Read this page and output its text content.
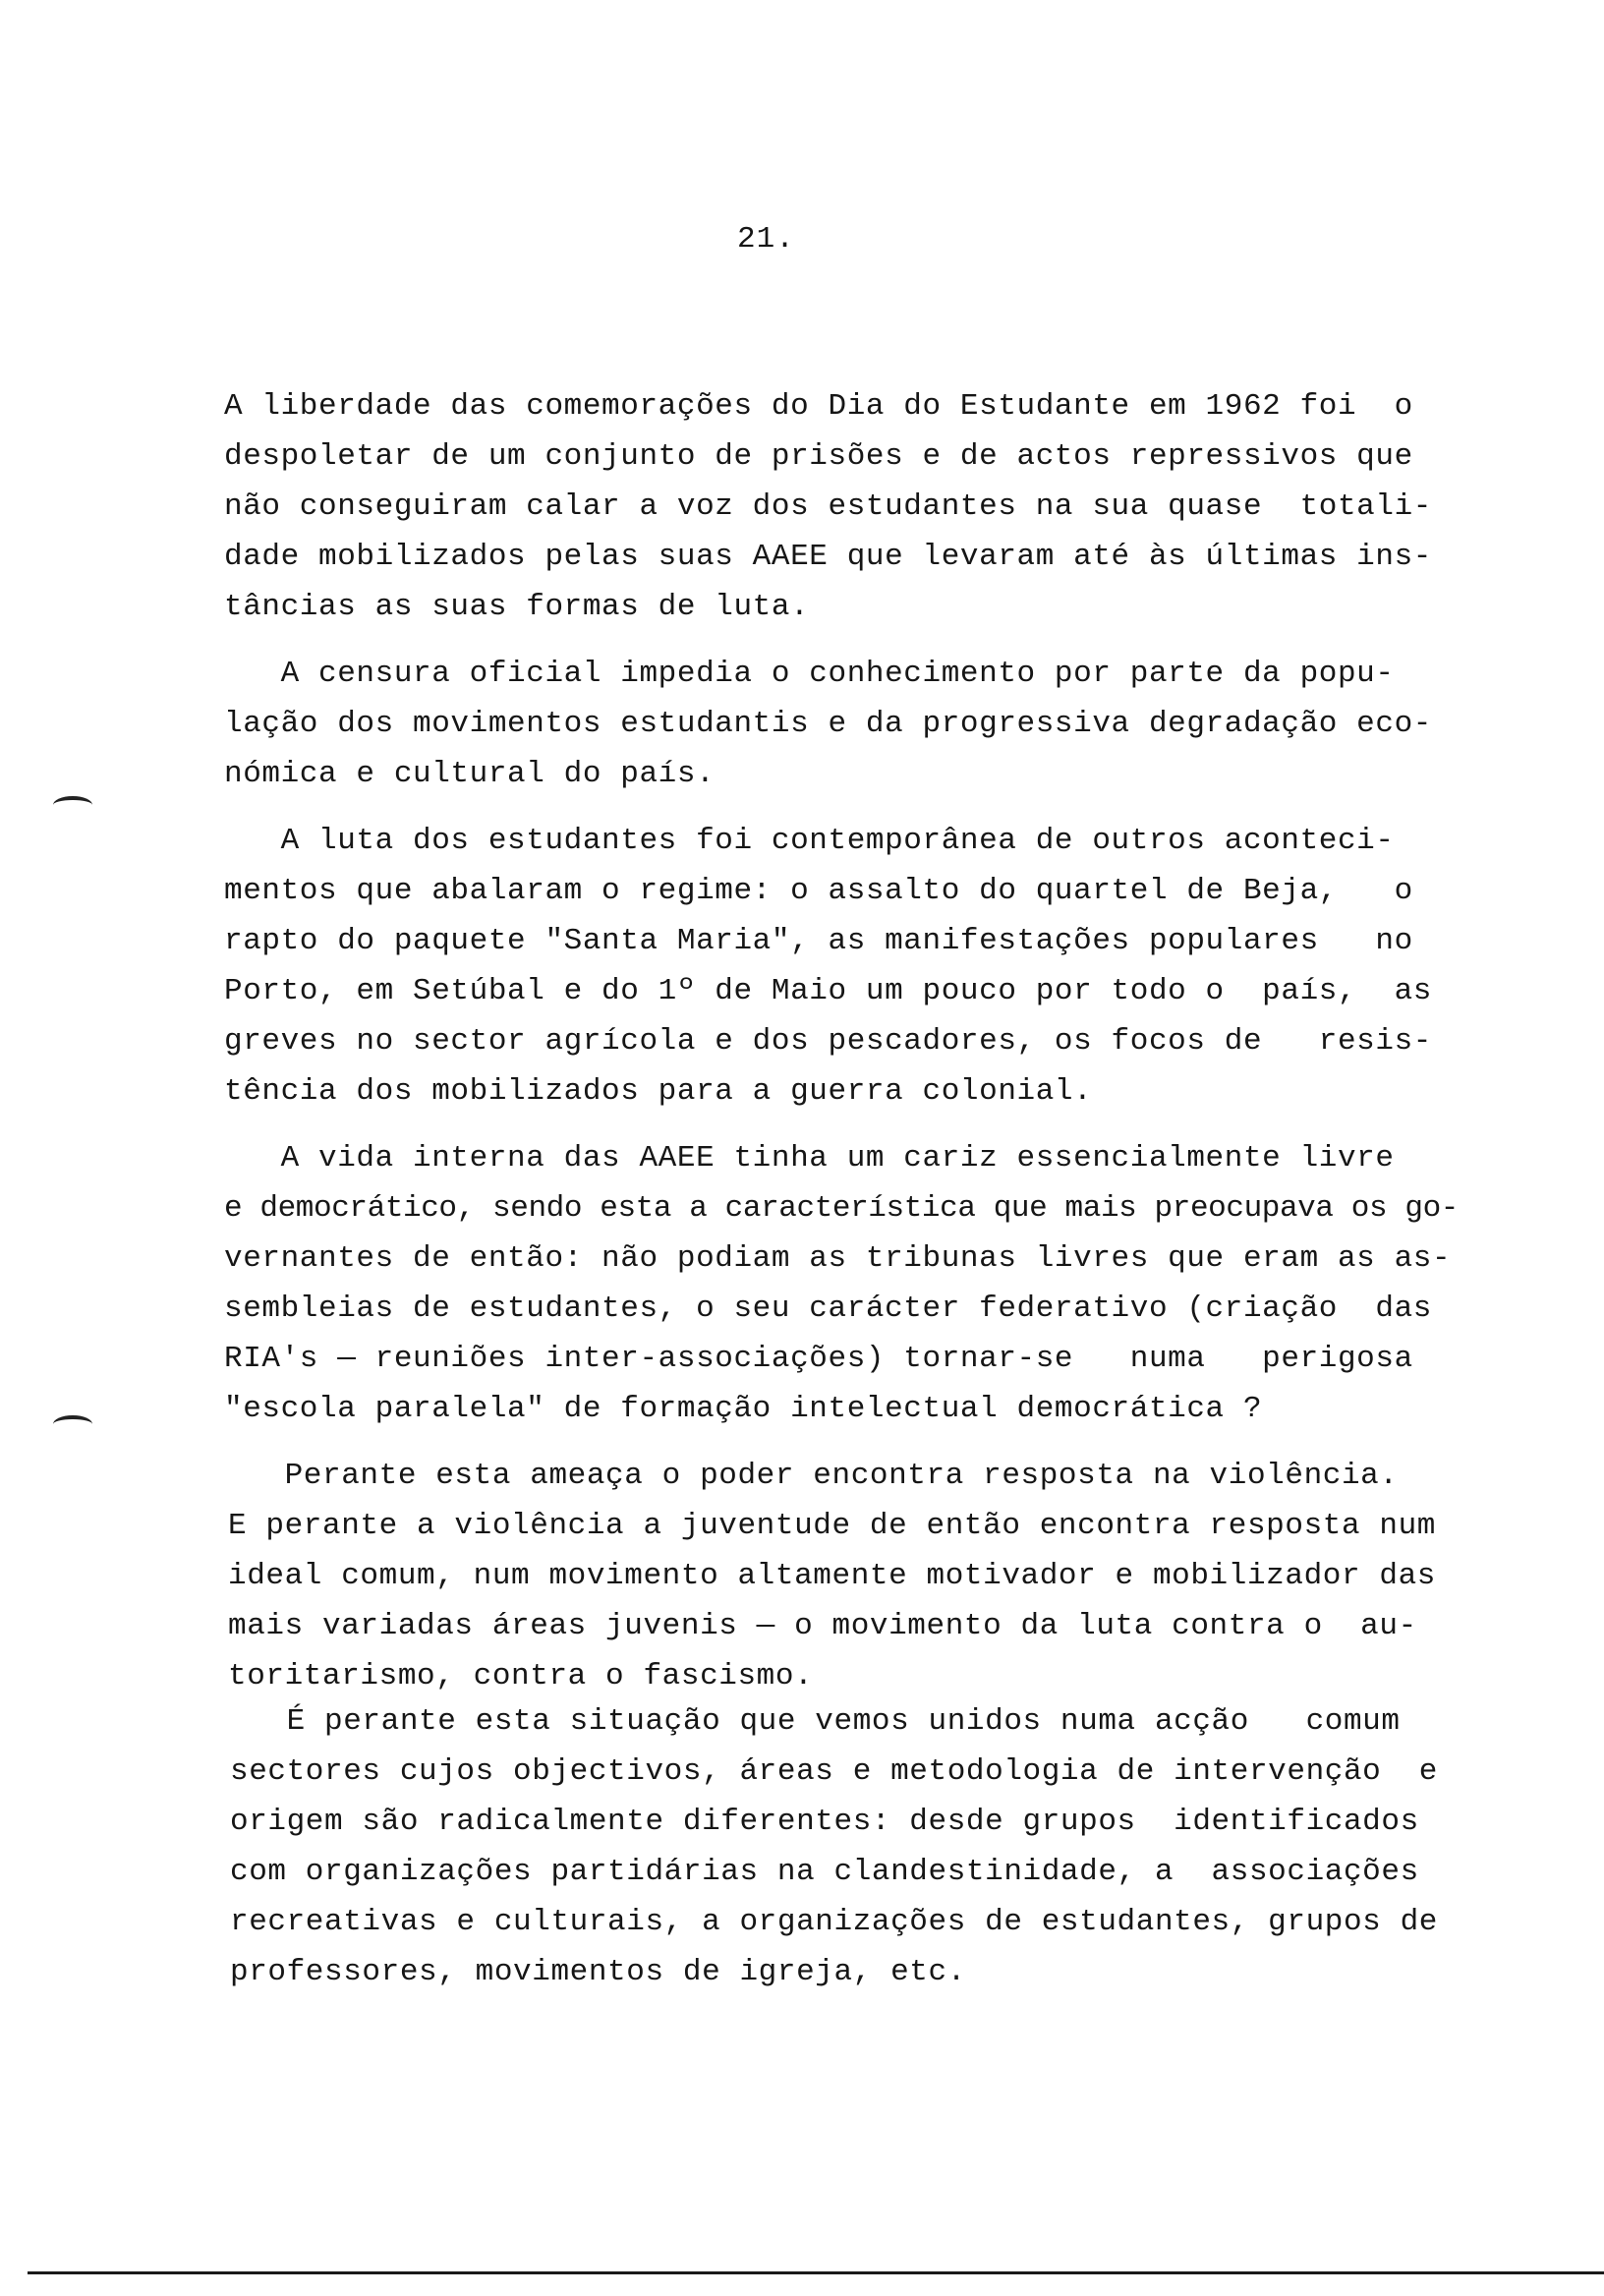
21.
A liberdade das comemorações do Dia do Estudante em 1962 foi  o
despoletar de um conjunto de prisões e de actos repressivos que
não conseguiram calar a voz dos estudantes na sua quase  totali-
dade mobilizados pelas suas AAEE que levaram até às últimas ins-
tâncias as suas formas de luta.
A censura oficial impedia o conhecimento por parte da popu-
lação dos movimentos estudantis e da progressiva degradação eco-
nómica e cultural do país.
A luta dos estudantes foi contemporânea de outros aconteci-
mentos que abalaram o regime: o assalto do quartel de Beja,   o
rapto do paquete "Santa Maria", as manifestações populares   no
Porto, em Setúbal e do 1º de Maio um pouco por todo o  país,  as
greves no sector agrícola e dos pescadores, os focos de   resis-
tência dos mobilizados para a guerra colonial.
A vida interna das AAEE tinha um cariz essencialmente livre
e democrático, sendo esta a característica que mais preocupava os go-
vernantes de então: não podiam as tribunas livres que eram as as-
sembleias de estudantes, o seu carácter federativo (criação  das
RIA's — reuniões inter-associações) tornar-se   numa   perigosa
"escola paralela" de formação intelectual democrática ?
Perante esta ameaça o poder encontra resposta na violência.
E perante a violência a juventude de então encontra resposta num
ideal comum, num movimento altamente motivador e mobilizador das
mais variadas áreas juvenis — o movimento da luta contra o  au-
toritarismo, contra o fascismo.
É perante esta situação que vemos unidos numa acção   comum
sectores cujos objectivos, áreas e metodologia de intervenção  e
origem são radicalmente diferentes: desde grupos  identificados
com organizações partidárias na clandestinidade, a  associações
recreativas e culturais, a organizações de estudantes, grupos de
professores, movimentos de igreja, etc.
